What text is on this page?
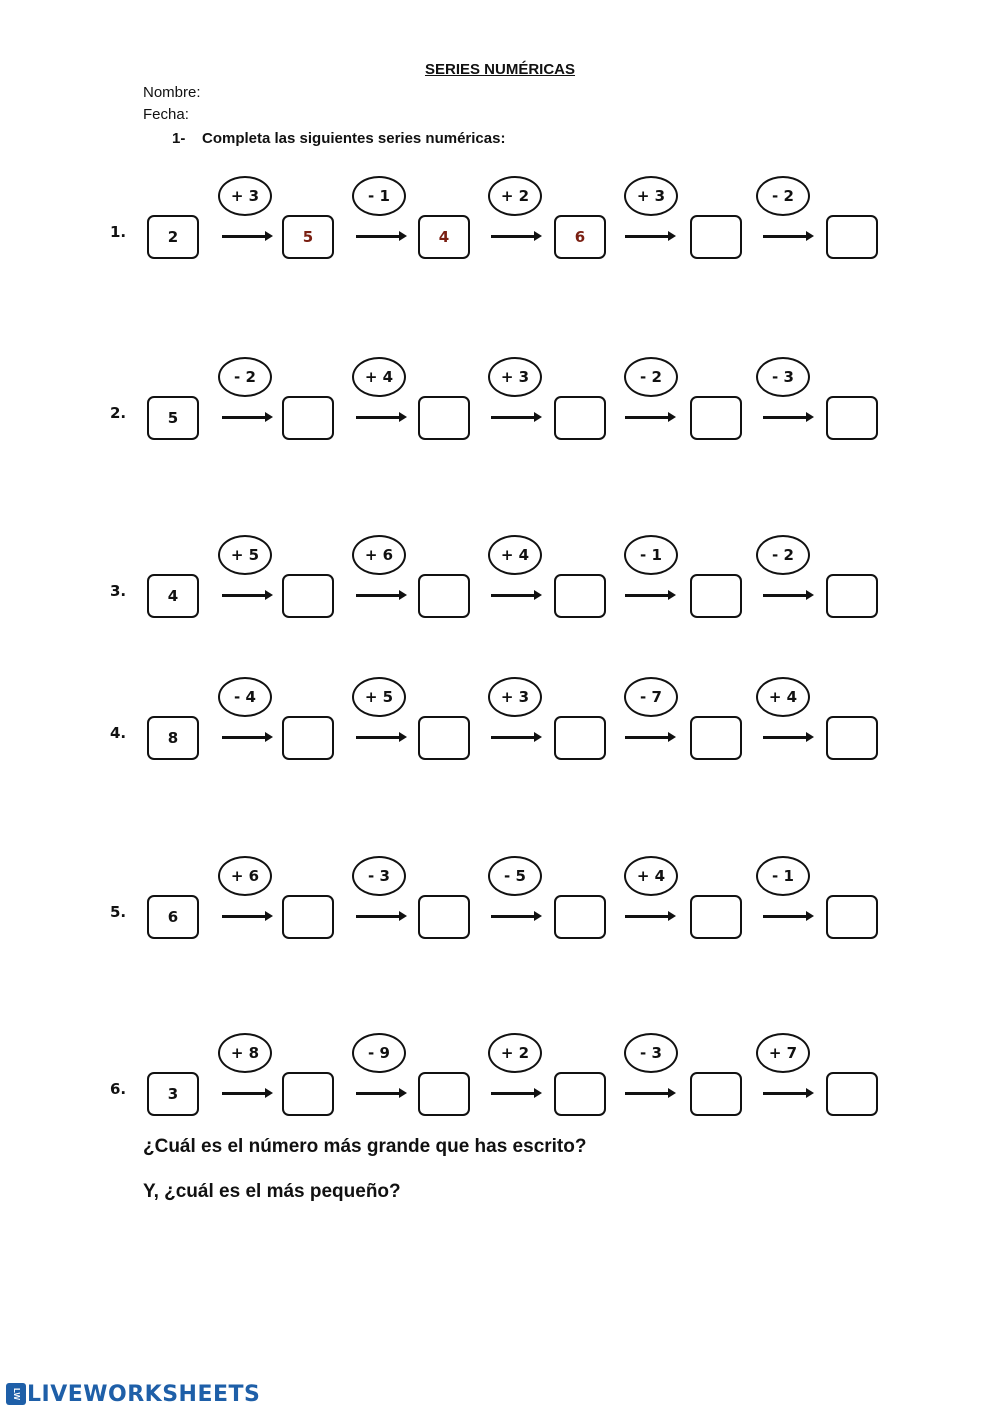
SERIES NUMÉRICAS
Nombre:
Fecha:
1- Completa las siguientes series numéricas:
1.	2	5	4	6
+ 3	- 1	+ 2	+ 3	- 2
2.	5
- 2	+ 4	+ 3	- 2	- 3
3.	4
+ 5	+ 6	+ 4	- 1	- 2
4.	8
- 4	+ 5	+ 3	- 7	+ 4
5.	6
+ 6	- 3	- 5	+ 4	- 1
6.	3
+ 8	- 9	+ 2	- 3	+ 7
¿Cuál es el número más grande que has escrito?
Y, ¿cuál es el más pequeño?
LW LIVEWORKSHEETS
